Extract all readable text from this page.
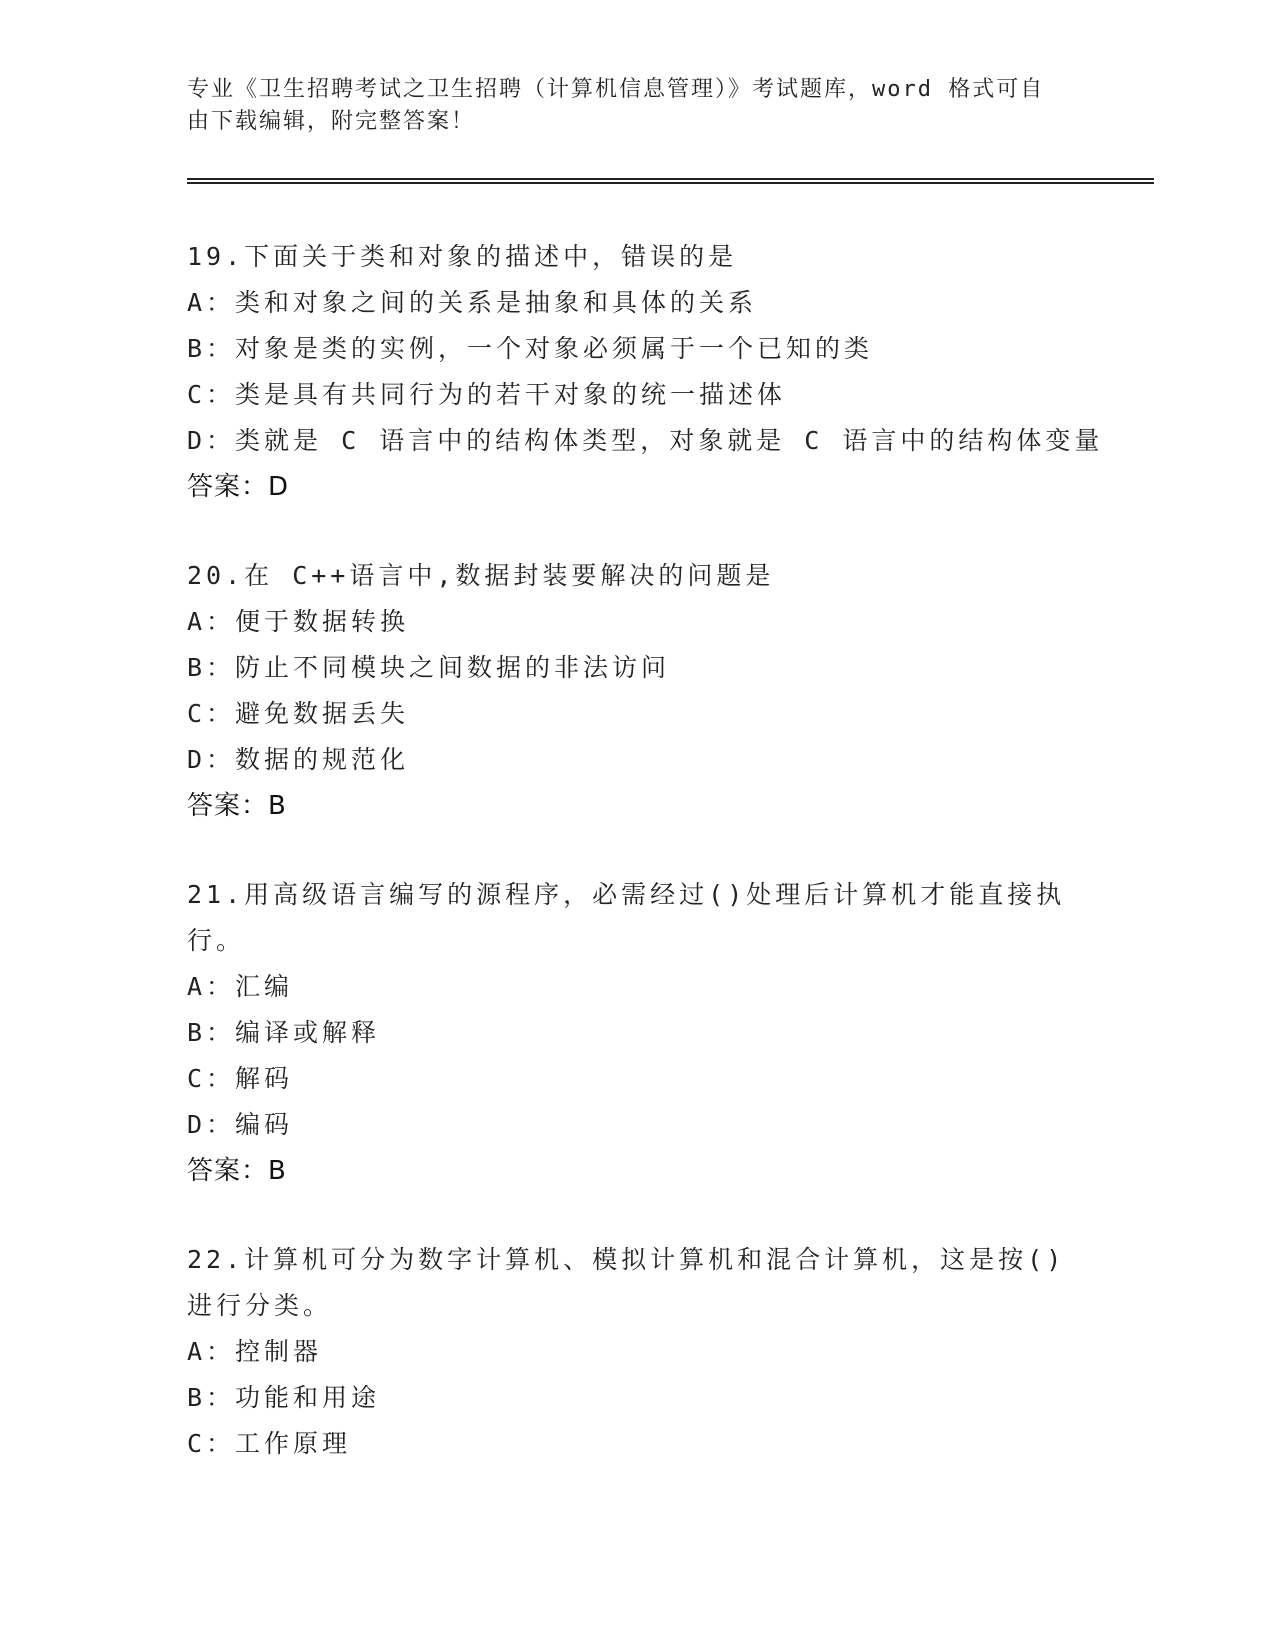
专业《卫生招聘考试之卫生招聘（计算机信息管理）》考试题库，word 格式可自由下载编辑，附完整答案！
19.下面关于类和对象的描述中，错误的是
A：类和对象之间的关系是抽象和具体的关系
B：对象是类的实例，一个对象必须属于一个已知的类
C：类是具有共同行为的若干对象的统一描述体
D：类就是 C 语言中的结构体类型，对象就是 C 语言中的结构体变量
答案：D
20.在 C++语言中,数据封装要解决的问题是
A：便于数据转换
B：防止不同模块之间数据的非法访问
C：避免数据丢失
D：数据的规范化
答案：B
21.用高级语言编写的源程序，必需经过()处理后计算机才能直接执行。
A：汇编
B：编译或解释
C：解码
D：编码
答案：B
22.计算机可分为数字计算机、模拟计算机和混合计算机，这是按()进行分类。
A：控制器
B：功能和用途
C：工作原理
